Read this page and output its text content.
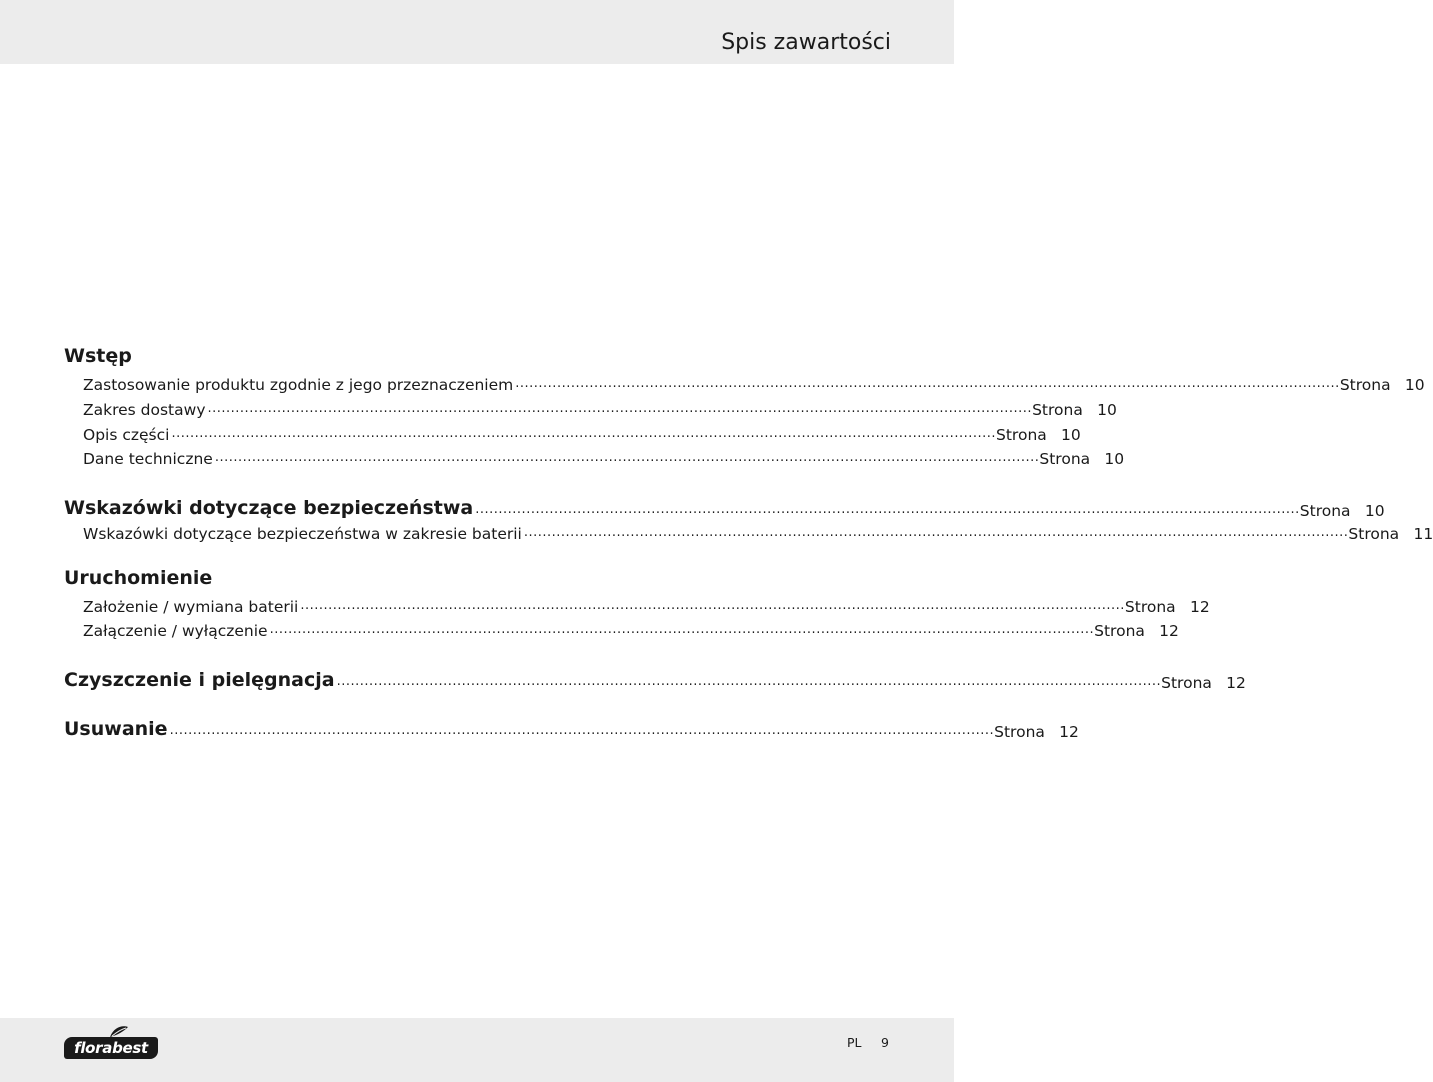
Spis zawartości
Wstęp
Zastosowanie produktu zgodnie z jego przeznaczeniem .................................................................................................................................................................................. Strona 10
Zakres dostawy .................................................................................................................................................................................. Strona 10
Opis części .................................................................................................................................................................................. Strona 10
Dane techniczne .................................................................................................................................................................................. Strona 10
Wskazówki dotyczące bezpieczeństwa .................................................................................................................................................................................. Strona 10
Wskazówki dotyczące bezpieczeństwa w zakresie baterii .................................................................................................................................................................................. Strona 11
Uruchomienie
Założenie / wymiana baterii .................................................................................................................................................................................. Strona 12
Załączenie / wyłączenie .................................................................................................................................................................................. Strona 12
Czyszczenie i pielęgnacja .................................................................................................................................................................................. Strona 12
Usuwanie .................................................................................................................................................................................. Strona 12
florabest	PL 9
